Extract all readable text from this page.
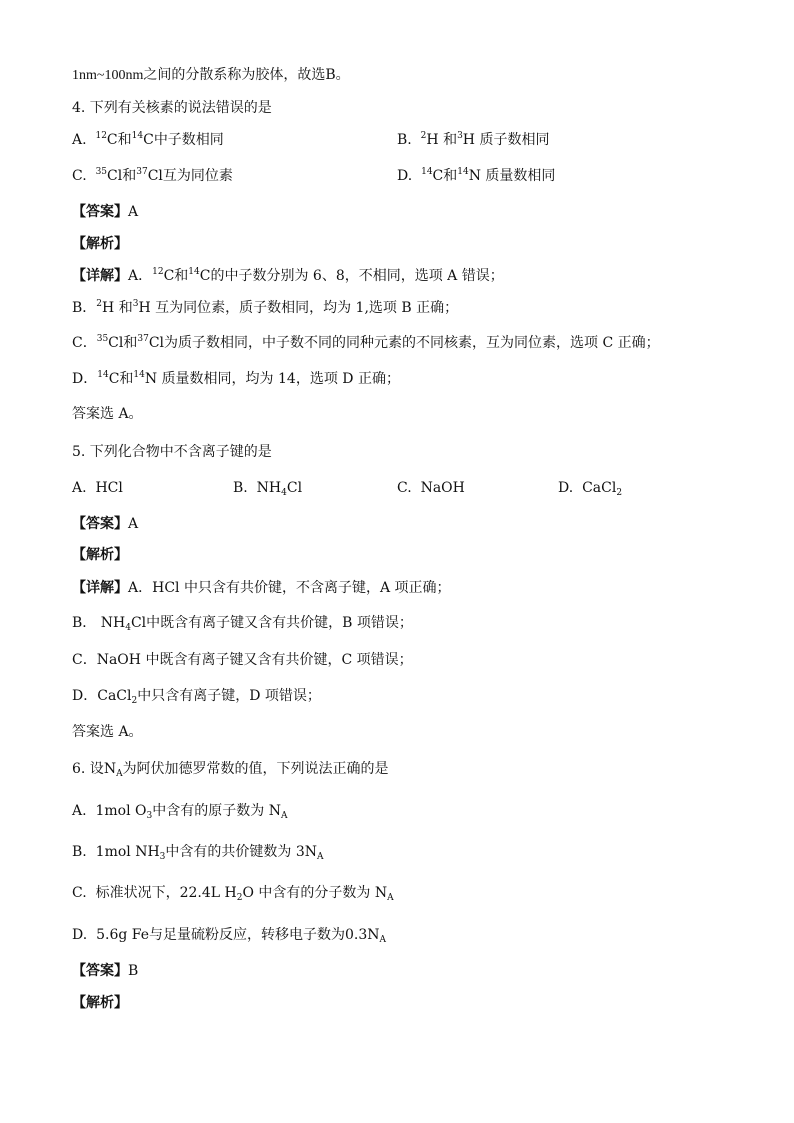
1nm~100nm之间的分散系称为胶体，故选B。
4. 下列有关核素的说法错误的是
A. $^{12}$C和$^{14}$C中子数相同	B. $^2$H 和$^3$H 质子数相同
C. $^{35}$Cl和$^{37}$Cl互为同位素	D. $^{14}$C和$^{14}$N 质量数相同
【答案】A
【解析】
【详解】A．$^{12}$C和$^{14}$C的中子数分别为 6、8，不相同，选项 A 错误；
B．$^2$H 和$^3$H 互为同位素，质子数相同，均为 1,选项 B 正确；
C．$^{35}$Cl和$^{37}$Cl为质子数相同，中子数不同的同种元素的不同核素，互为同位素，选项 C 正确；
D．$^{14}$C和$^{14}$N 质量数相同，均为 14，选项 D 正确；
答案选 A。
5. 下列化合物中不含离子键的是
A. HCl	B. $NH_4Cl$	C. NaOH	D. CaCl$_2$
【答案】A
【解析】
【详解】A．HCl 中只含有共价键，不含离子键，A 项正确；
B． $NH_4Cl$中既含有离子键又含有共价键，B 项错误；
C．NaOH 中既含有离子键又含有共价键，C 项错误；
D．CaCl$_2$中只含有离子键，D 项错误；
答案选 A。
6. 设$N_A$为阿伏加德罗常数的值，下列说法正确的是
A. 1mol $O_3$中含有的原子数为 $N_A$
B. 1mol $NH_3$中含有的共价键数为 $3N_A$
C. 标准状况下，22.4L $H_2O$ 中含有的分子数为 $N_A$
D. 5.6g Fe与足量硫粉反应，转移电子数为$0.3N_A$
【答案】B
【解析】
